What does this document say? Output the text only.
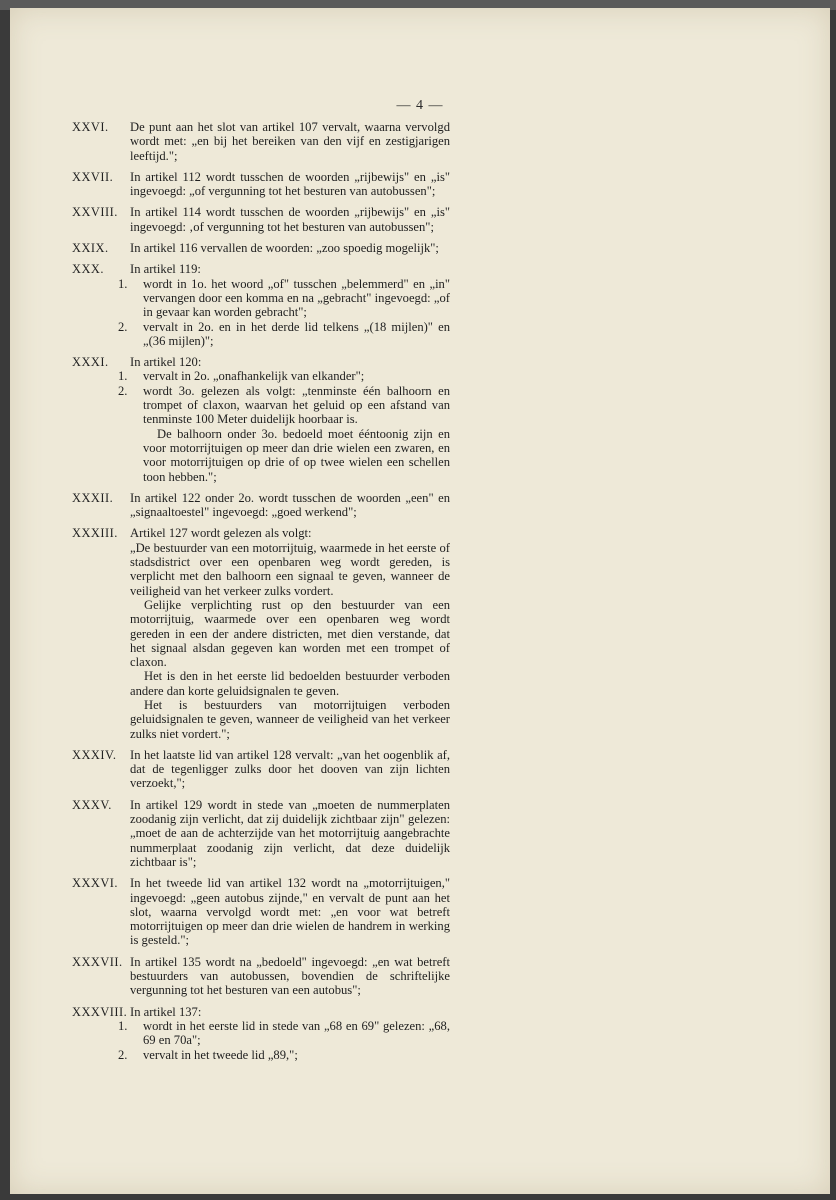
— 4 —
XXVI. De punt aan het slot van artikel 107 vervalt, waarna vervolgd wordt met: „en bij het bereiken van den vijf en zestigjarigen leeftijd.";
XXVII. In artikel 112 wordt tusschen de woorden „rijbewijs" en „is" ingevoegd: „of vergunning tot het besturen van autobussen";
XXVIII. In artikel 114 wordt tusschen de woorden „rijbewijs" en „is" ingevoegd: ‚of vergunning tot het besturen van autobussen";
XXIX. In artikel 116 vervallen de woorden: „zoo spoedig mogelijk";
XXX. In artikel 119:
1. wordt in 1o. het woord „of" tusschen „belemmerd" en „in" vervangen door een komma en na „gebracht" ingevoegd: „of in gevaar kan worden gebracht";
2. vervalt in 2o. en in het derde lid telkens „(18 mijlen)" en „(36 mijlen)";
XXXI. In artikel 120:
1. vervalt in 2o. „onafhankelijk van elkander";
2. wordt 3o. gelezen als volgt: „tenminste één balhoorn en trompet of claxon, waarvan het geluid op een afstand van tenminste 100 Meter duidelijk hoorbaar is.
De balhoorn onder 3o. bedoeld moet ééntoonig zijn en voor motorrijtuigen op meer dan drie wielen een zwaren, en voor motorrijtuigen op drie of op twee wielen een schellen toon hebben.";
XXXII. In artikel 122 onder 2o. wordt tusschen de woorden „een" en „signaaltoestel" ingevoegd: „goed werkend";
XXXIII. Artikel 127 wordt gelezen als volgt:
„De bestuurder van een motorrijtuig, waarmede in het eerste of stadsdistrict over een openbaren weg wordt gereden, is verplicht met den balhoorn een signaal te geven, wanneer de veiligheid van het verkeer zulks vordert.
Gelijke verplichting rust op den bestuurder van een motorrijtuig, waarmede over een openbaren weg wordt gereden in een der andere districten, met dien verstande, dat het signaal alsdan gegeven kan worden met een trompet of claxon.
Het is den in het eerste lid bedoelden bestuurder verboden andere dan korte geluidsignalen te geven.
Het is bestuurders van motorrijtuigen verboden geluidsignalen te geven, wanneer de veiligheid van het verkeer zulks niet vordert.";
XXXIV. In het laatste lid van artikel 128 vervalt: „van het oogenblik af, dat de tegenligger zulks door het dooven van zijn lichten verzoekt,";
XXXV. In artikel 129 wordt in stede van „moeten de nummerplaten zoodanig zijn verlicht, dat zij duidelijk zichtbaar zijn" gelezen: „moet de aan de achterzijde van het motorrijtuig aangebrachte nummerplaat zoodanig zijn verlicht, dat deze duidelijk zichtbaar is";
XXXVI. In het tweede lid van artikel 132 wordt na „motorrijtuigen," ingevoegd: „geen autobus zijnde," en vervalt de punt aan het slot, waarna vervolgd wordt met: „en voor wat betreft motorrijtuigen op meer dan drie wielen de handrem in werking is gesteld.";
XXXVII. In artikel 135 wordt na „bedoeld" ingevoegd: „en wat betreft bestuurders van autobussen, bovendien de schriftelijke vergunning tot het besturen van een autobus";
XXXVIII. In artikel 137:
1. wordt in het eerste lid in stede van „68 en 69" gelezen: „68, 69 en 70a";
2. vervalt in het tweede lid „89,";
